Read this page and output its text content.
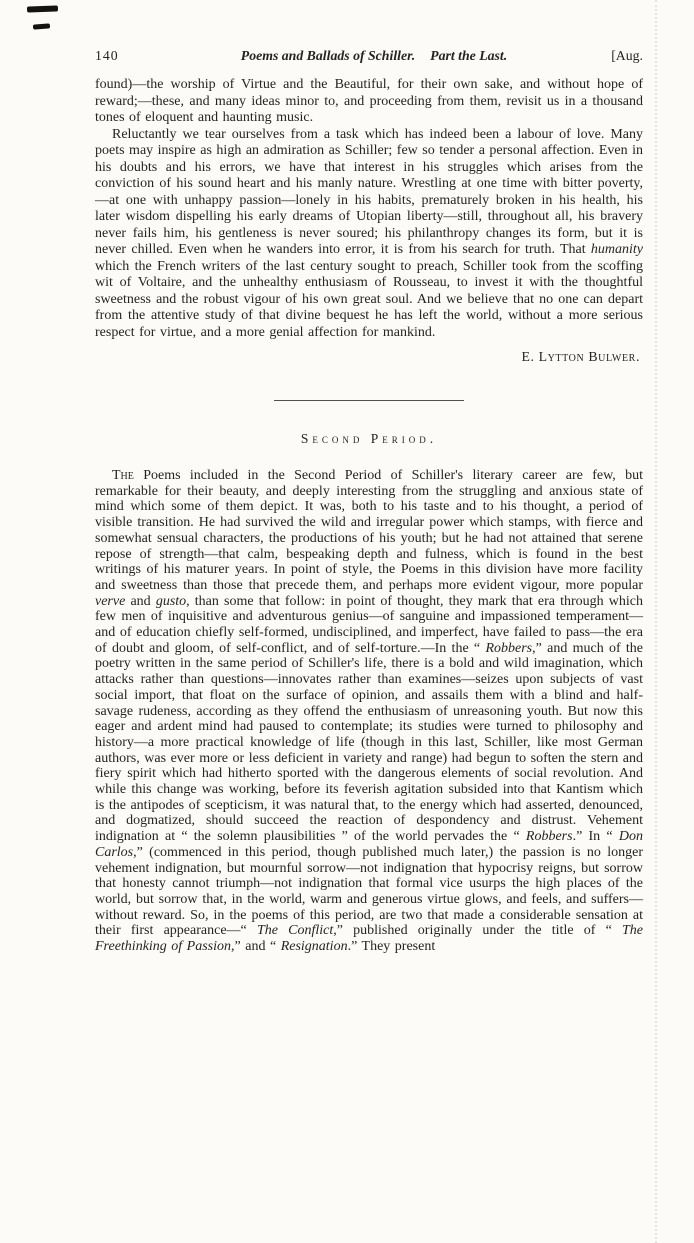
140	Poems and Ballads of Schiller. Part the Last.	[Aug.

found)—the worship of Virtue and the Beautiful, for their own sake, and without hope of reward;—these, and many ideas minor to, and proceeding from them, revisit us in a thousand tones of eloquent and haunting music.

Reluctantly we tear ourselves from a task which has indeed been a labour of love. Many poets may inspire as high an admiration as Schiller; few so tender a personal affection. Even in his doubts and his errors, we have that interest in his struggles which arises from the conviction of his sound heart and his manly nature. Wrestling at one time with bitter poverty,—at one with unhappy passion—lonely in his habits, prematurely broken in his health, his later wisdom dispelling his early dreams of Utopian liberty—still, throughout all, his bravery never fails him, his gentleness is never soured; his philanthropy changes its form, but it is never chilled. Even when he wanders into error, it is from his search for truth. That humanity which the French writers of the last century sought to preach, Schiller took from the scoffing wit of Voltaire, and the unhealthy enthusiasm of Rousseau, to invest it with the thoughtful sweetness and the robust vigour of his own great soul. And we believe that no one can depart from the attentive study of that divine bequest he has left the world, without a more serious respect for virtue, and a more genial affection for mankind.

E. Lytton Bulwer.
Second Period.

The Poems included in the Second Period of Schiller's literary career are few, but remarkable for their beauty, and deeply interesting from the struggling and anxious state of mind which some of them depict. It was, both to his taste and to his thought, a period of visible transition. He had survived the wild and irregular power which stamps, with fierce and somewhat sensual characters, the productions of his youth; but he had not attained that serene repose of strength—that calm, bespeaking depth and fulness, which is found in the best writings of his maturer years. In point of style, the Poems in this division have more facility and sweetness than those that precede them, and perhaps more evident vigour, more popular verve and gusto, than some that follow: in point of thought, they mark that era through which few men of inquisitive and adventurous genius—of sanguine and impassioned temperament—and of education chiefly self-formed, undisciplined, and imperfect, have failed to pass—the era of doubt and gloom, of self-conflict, and of self-torture.—In the “ Robbers,” and much of the poetry written in the same period of Schiller's life, there is a bold and wild imagination, which attacks rather than questions—innovates rather than examines—seizes upon subjects of vast social import, that float on the surface of opinion, and assails them with a blind and half-savage rudeness, according as they offend the enthusiasm of unreasoning youth. But now this eager and ardent mind had paused to contemplate; its studies were turned to philosophy and history—a more practical knowledge of life (though in this last, Schiller, like most German authors, was ever more or less deficient in variety and range) had begun to soften the stern and fiery spirit which had hitherto sported with the dangerous elements of social revolution. And while this change was working, before its feverish agitation subsided into that Kantism which is the antipodes of scepticism, it was natural that, to the energy which had asserted, denounced, and dogmatized, should succeed the reaction of despondency and distrust. Vehement indignation at “ the solemn plausibilities ” of the world pervades the “ Robbers.” In “ Don Carlos,” (commenced in this period, though published much later,) the passion is no longer vehement indignation, but mournful sorrow—not indignation that hypocrisy reigns, but sorrow that honesty cannot triumph—not indignation that formal vice usurps the high places of the world, but sorrow that, in the world, warm and generous virtue glows, and feels, and suffers—without reward. So, in the poems of this period, are two that made a considerable sensation at their first appearance—“ The Conflict,” published originally under the title of “ The Freethinking of Passion,” and “ Resignation.” They present
